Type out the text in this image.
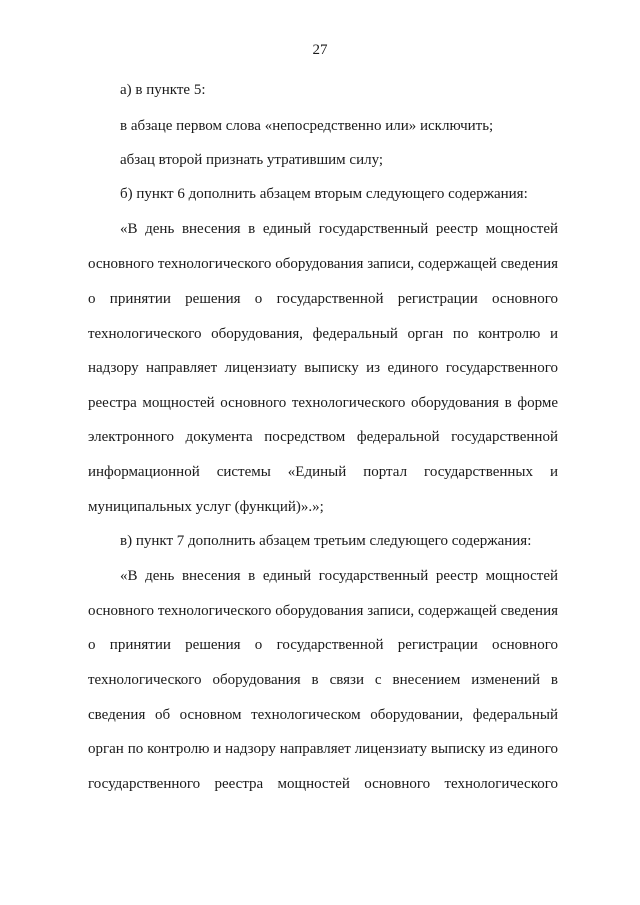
27
а) в пункте 5:
в абзаце первом слова «непосредственно или» исключить;
абзац второй признать утратившим силу;
б) пункт 6 дополнить абзацем вторым следующего содержания:
«В день внесения в единый государственный реестр мощностей
основного технологического оборудования записи, содержащей сведения
о принятии решения о государственной регистрации основного
технологического оборудования, федеральный орган по контролю и
надзору направляет лицензиату выписку из единого государственного
реестра мощностей основного технологического оборудования в форме
электронного документа посредством федеральной государственной
информационной системы «Единый портал государственных и
муниципальных услуг (функций)».»;
в) пункт 7 дополнить абзацем третьим следующего содержания:
«В день внесения в единый государственный реестр мощностей
основного технологического оборудования записи, содержащей сведения
о принятии решения о государственной регистрации основного
технологического оборудования в связи с внесением изменений в
сведения об основном технологическом оборудовании, федеральный
орган по контролю и надзору направляет лицензиату выписку из единого
государственного реестра мощностей основного технологического
